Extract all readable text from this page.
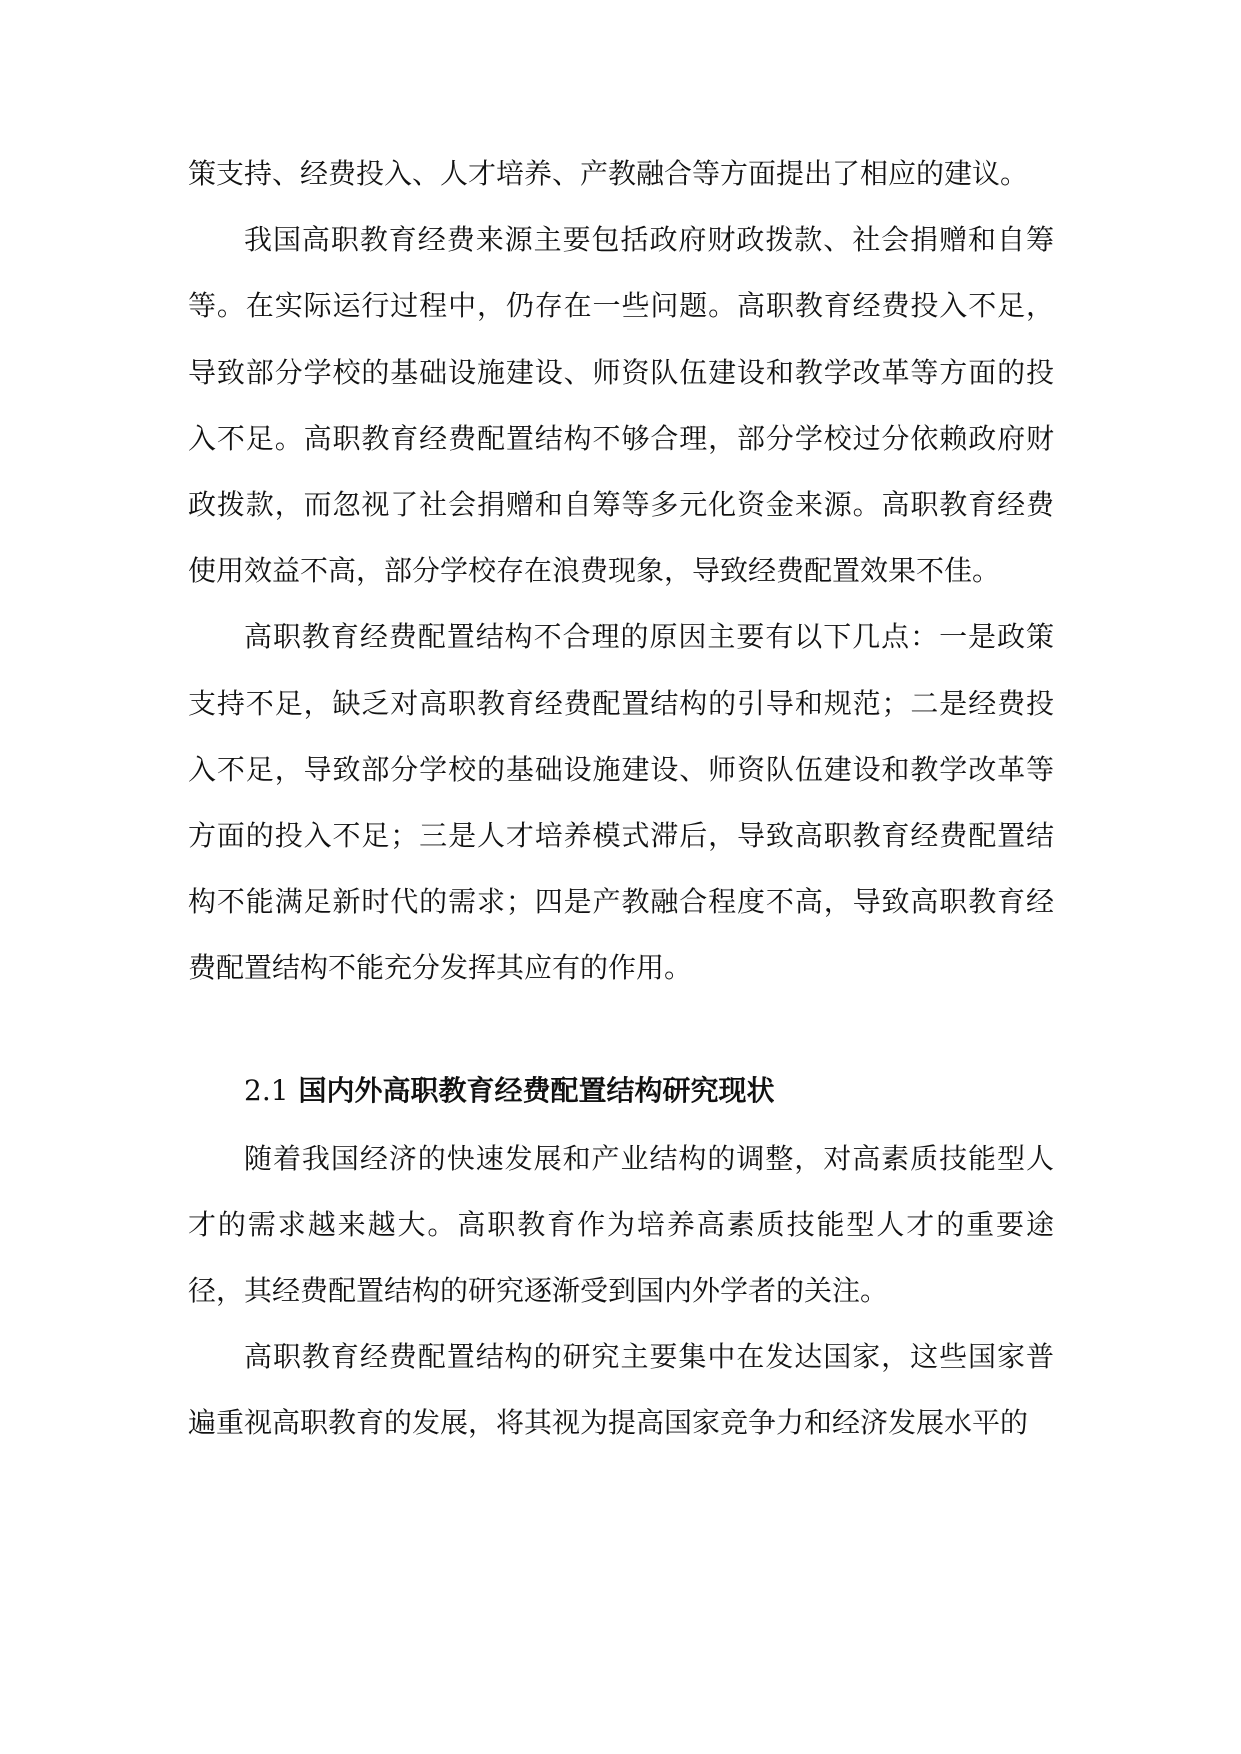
策支持、经费投入、人才培养、产教融合等方面提出了相应的建议。

我国高职教育经费来源主要包括政府财政拨款、社会捐赠和自筹等。在实际运行过程中，仍存在一些问题。高职教育经费投入不足，导致部分学校的基础设施建设、师资队伍建设和教学改革等方面的投入不足。高职教育经费配置结构不够合理，部分学校过分依赖政府财政拨款，而忽视了社会捐赠和自筹等多元化资金来源。高职教育经费使用效益不高，部分学校存在浪费现象，导致经费配置效果不佳。

高职教育经费配置结构不合理的原因主要有以下几点：一是政策支持不足，缺乏对高职教育经费配置结构的引导和规范；二是经费投入不足，导致部分学校的基础设施建设、师资队伍建设和教学改革等方面的投入不足；三是人才培养模式滞后，导致高职教育经费配置结构不能满足新时代的需求；四是产教融合程度不高，导致高职教育经费配置结构不能充分发挥其应有的作用。

2.1 国内外高职教育经费配置结构研究现状

随着我国经济的快速发展和产业结构的调整，对高素质技能型人才的需求越来越大。高职教育作为培养高素质技能型人才的重要途径，其经费配置结构的研究逐渐受到国内外学者的关注。

高职教育经费配置结构的研究主要集中在发达国家，这些国家普遍重视高职教育的发展，将其视为提高国家竞争力和经济发展水平的
